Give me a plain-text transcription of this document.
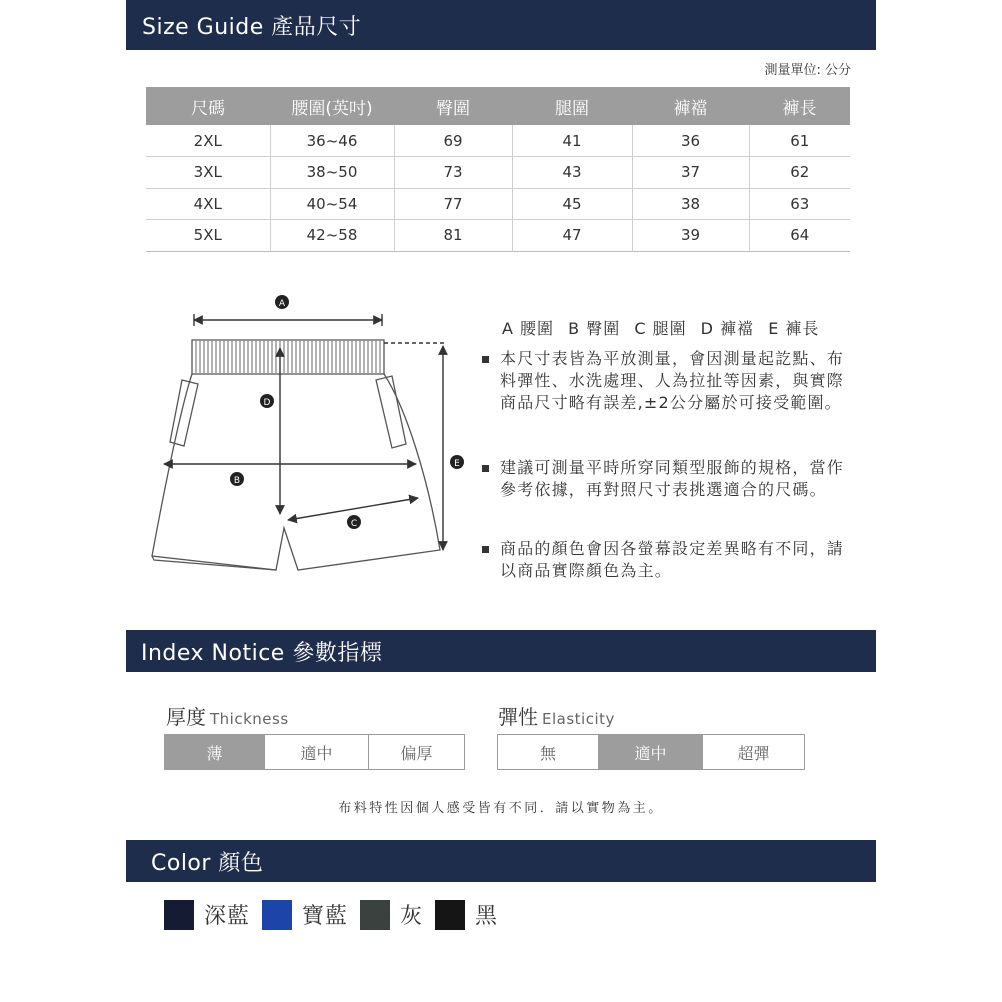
Size Guide 產品尺寸
測量單位: 公分
尺碼	腰圍(英吋)	臀圍	腿圍	褲襠	褲長
2XL	36~46	69	41	36	61
3XL	38~50	73	43	37	62
4XL	40~54	77	45	38	63
5XL	42~58	81	47	39	64
A
B
C
D
E
A 腰圍 B 臀圍 C 腿圍 D 褲襠 E 褲長
本尺寸表皆為平放測量，會因測量起訖點、布料彈性、水洗處理、人為拉扯等因素，與實際商品尺寸略有誤差,±2公分屬於可接受範圍。
建議可測量平時所穿同類型服飾的規格，當作參考依據，再對照尺寸表挑選適合的尺碼。
商品的顏色會因各螢幕設定差異略有不同，請以商品實際顏色為主。
Index Notice 參數指標
厚度 Thickness
薄	適中	偏厚
彈性 Elasticity
無	適中	超彈
布料特性因個人感受皆有不同．請以實物為主。
Color 顏色
深藍 寶藍 灰 黑
